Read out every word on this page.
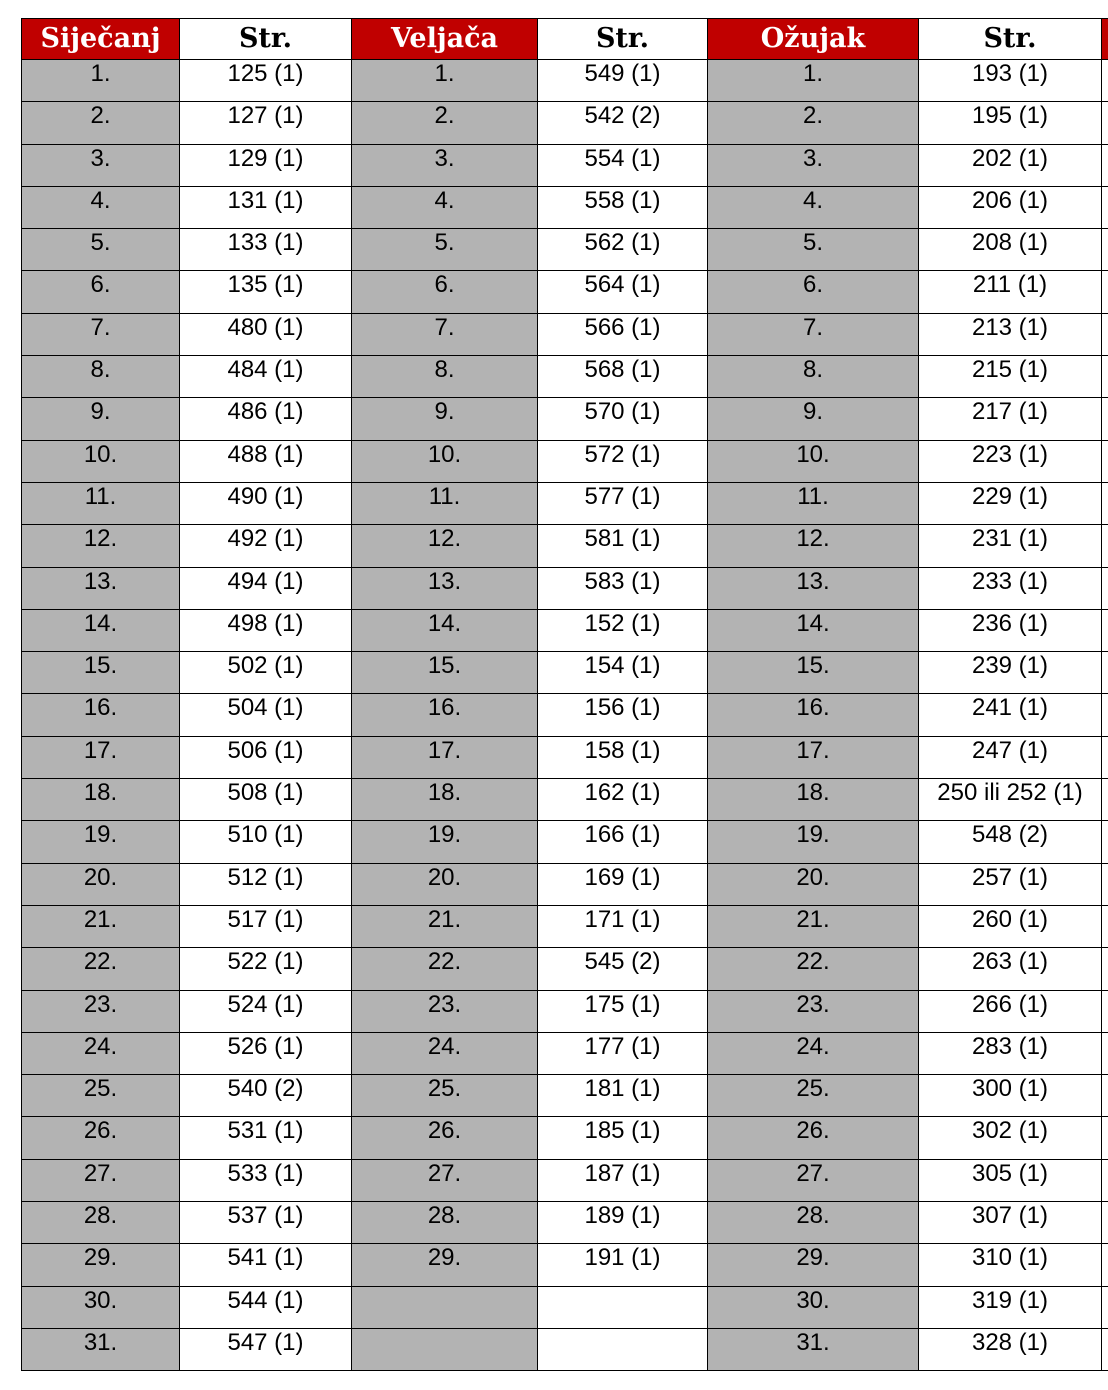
Siječanj	Str.	Veljača	Str.	Ožujak	Str.	
1.	125 (1)	1.	549 (1)	1.	193 (1)	
2.	127 (1)	2.	542 (2)	2.	195 (1)	
3.	129 (1)	3.	554 (1)	3.	202 (1)	
4.	131 (1)	4.	558 (1)	4.	206 (1)	
5.	133 (1)	5.	562 (1)	5.	208 (1)	
6.	135 (1)	6.	564 (1)	6.	211 (1)	
7.	480 (1)	7.	566 (1)	7.	213 (1)	
8.	484 (1)	8.	568 (1)	8.	215 (1)	
9.	486 (1)	9.	570 (1)	9.	217 (1)	
10.	488 (1)	10.	572 (1)	10.	223 (1)	
11.	490 (1)	11.	577 (1)	11.	229 (1)	
12.	492 (1)	12.	581 (1)	12.	231 (1)	
13.	494 (1)	13.	583 (1)	13.	233 (1)	
14.	498 (1)	14.	152 (1)	14.	236 (1)	
15.	502 (1)	15.	154 (1)	15.	239 (1)	
16.	504 (1)	16.	156 (1)	16.	241 (1)	
17.	506 (1)	17.	158 (1)	17.	247 (1)	
18.	508 (1)	18.	162 (1)	18.	250 ili 252 (1)	
19.	510 (1)	19.	166 (1)	19.	548 (2)	
20.	512 (1)	20.	169 (1)	20.	257 (1)	
21.	517 (1)	21.	171 (1)	21.	260 (1)	
22.	522 (1)	22.	545 (2)	22.	263 (1)	
23.	524 (1)	23.	175 (1)	23.	266 (1)	
24.	526 (1)	24.	177 (1)	24.	283 (1)	
25.	540 (2)	25.	181 (1)	25.	300 (1)	
26.	531 (1)	26.	185 (1)	26.	302 (1)	
27.	533 (1)	27.	187 (1)	27.	305 (1)	
28.	537 (1)	28.	189 (1)	28.	307 (1)	
29.	541 (1)	29.	191 (1)	29.	310 (1)	
30.	544 (1)			30.	319 (1)	
31.	547 (1)			31.	328 (1)	
